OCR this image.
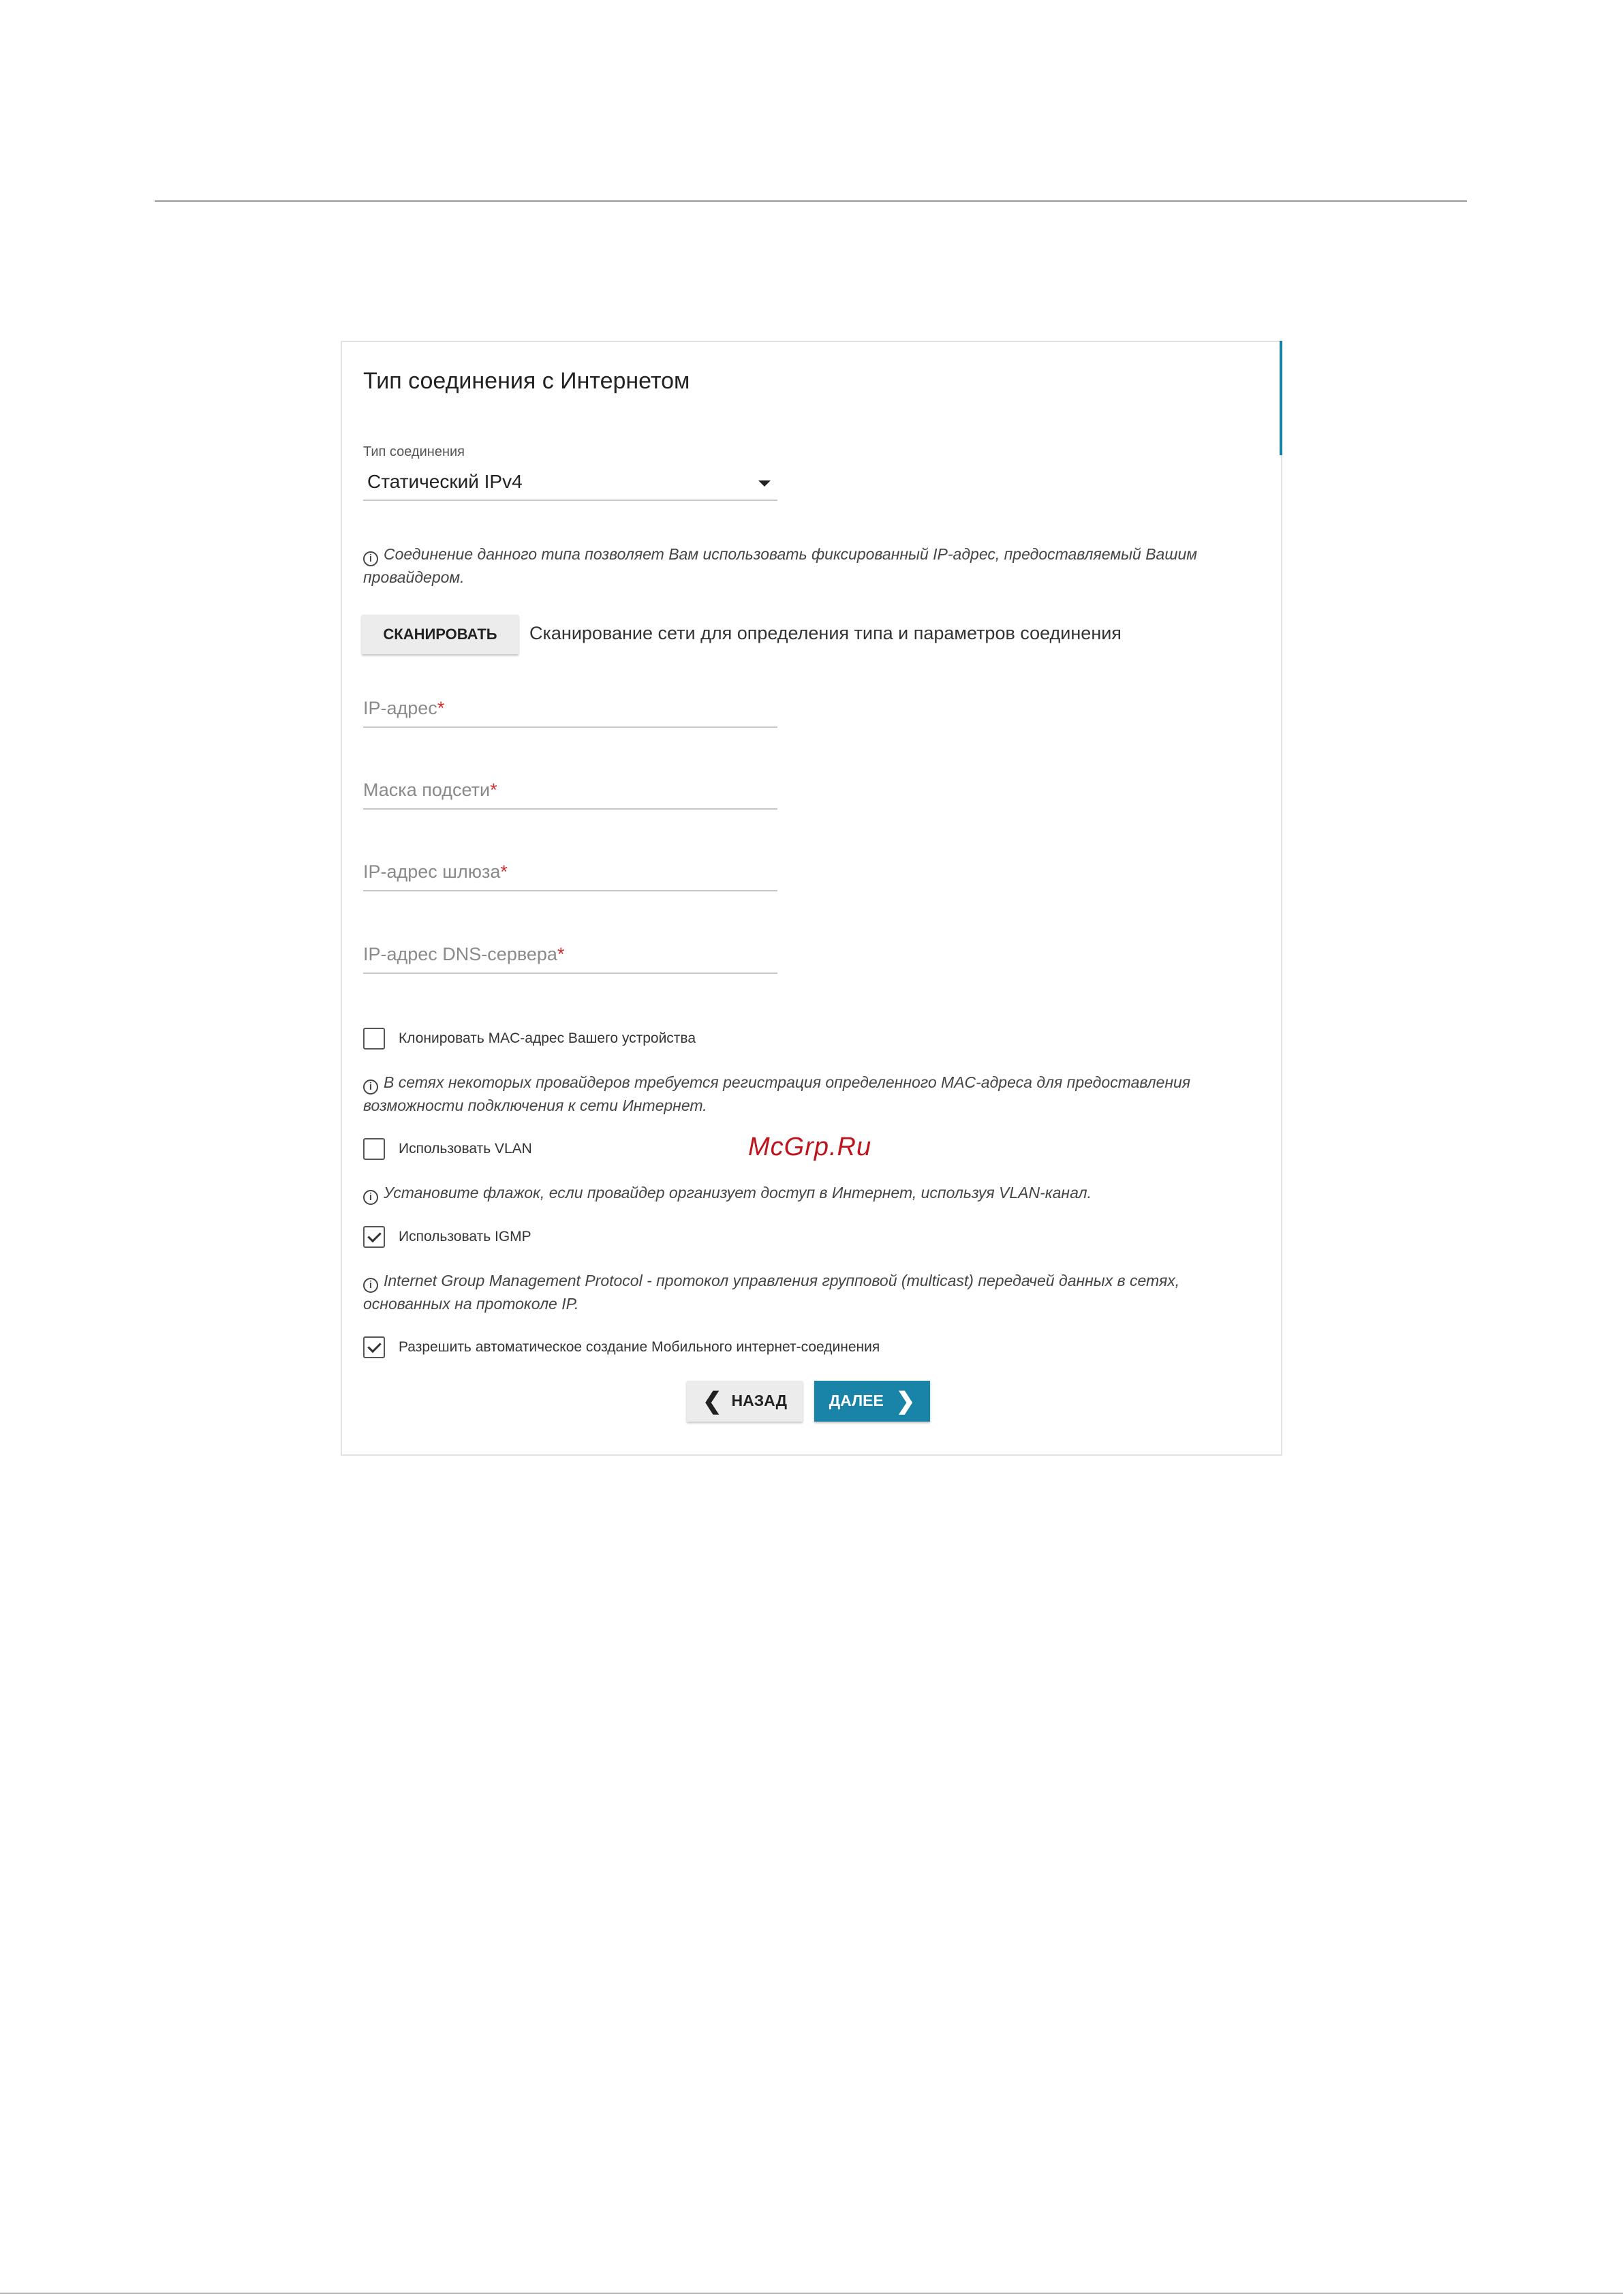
Тип соединения с Интернетом
Тип соединения
Статический IPv4
i Соединение данного типа позволяет Вам использовать фиксированный IP-адрес, предоставляемый Вашим провайдером.
СКАНИРОВАТЬ	Сканирование сети для определения типа и параметров соединения
IP-адрес*
Маска подсети*
IP-адрес шлюза*
IP-адрес DNS-сервера*
Клонировать MAC-адрес Вашего устройства
i В сетях некоторых провайдеров требуется регистрация определенного MAC-адреса для предоставления возможности подключения к сети Интернет.
Использовать VLAN
i Установите флажок, если провайдер организует доступ в Интернет, используя VLAN-канал.
McGrp.Ru
Использовать IGMP
i Internet Group Management Protocol - протокол управления групповой (multicast) передачей данных в сетях, основанных на протоколе IP.
Разрешить автоматическое создание Мобильного интернет-соединения
❮ НАЗАД	ДАЛЕЕ ❯
